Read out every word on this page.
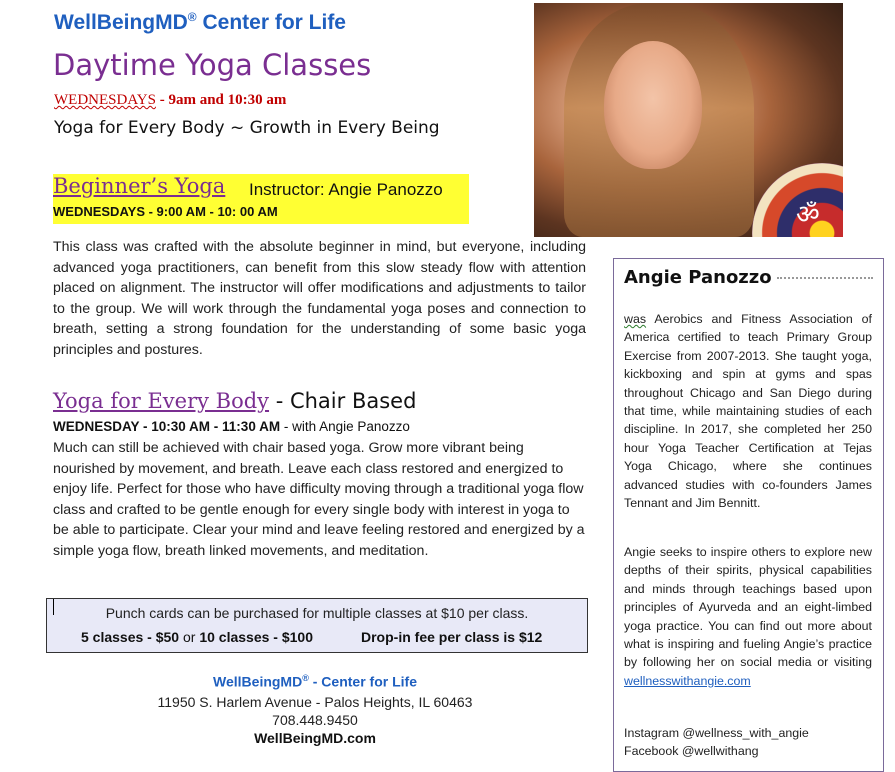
WellBeingMD® Center for Life
Daytime Yoga Classes
WEDNESDAYS - 9am and 10:30 am
Yoga for Every Body ~ Growth in Every Being
ॐ
Beginner’s Yoga Instructor: Angie Panozzo
WEDNESDAYS - 9:00 AM - 10: 00 AM
This class was crafted with the absolute beginner in mind, but everyone, including advanced yoga practitioners, can benefit from this slow steady flow with attention placed on alignment. The instructor will offer modifications and adjustments to tailor to the group. We will work through the fundamental yoga poses and connection to breath, setting a strong foundation for the understanding of some basic yoga principles and postures.
Yoga for Every Body - Chair Based
WEDNESDAY - 10:30 AM - 11:30 AM - with Angie Panozzo
Much can still be achieved with chair based yoga. Grow more vibrant being nourished by movement, and breath. Leave each class restored and energized to enjoy life. Perfect for those who have difficulty moving through a traditional yoga flow class and crafted to be gentle enough for every single body with interest in yoga to be able to participate. Clear your mind and leave feeling restored and energized by a simple yoga flow, breath linked movements, and meditation.
Punch cards can be purchased for multiple classes at $10 per class.
5 classes - $50 or 10 classes - $100	Drop-in fee per class is $12
WellBeingMD® - Center for Life
11950 S. Harlem Avenue - Palos Heights, IL 60463
708.448.9450
WellBeingMD.com
Angie Panozzo
was Aerobics and Fitness Association of America certified to teach Primary Group Exercise from 2007-2013. She taught yoga, kickboxing and spin at gyms and spas throughout Chicago and San Diego during that time, while maintaining studies of each discipline. In 2017, she completed her 250 hour Yoga Teacher Certification at Tejas Yoga Chicago, where she continues advanced studies with co-founders James Tennant and Jim Bennitt.
Angie seeks to inspire others to explore new depths of their spirits, physical capabilities and minds through teachings based upon principles of Ayurveda and an eight-limbed yoga practice. You can find out more about what is inspiring and fueling Angie’s practice by following her on social media or visiting wellnesswithangie.com
Instagram @wellness_with_angie
Facebook @wellwithang
